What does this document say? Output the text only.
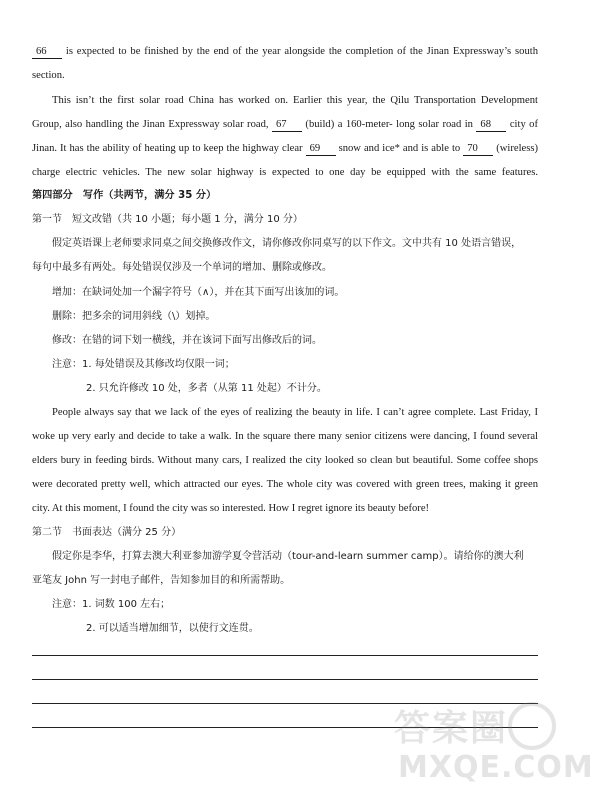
66 is expected to be finished by the end of the year alongside the completion of the Jinan Expressway’s south
section.
This isn’t the first solar road China has worked on. Earlier this year, the Qilu Transportation Development
Group, also handling the Jinan Expressway solar road, 67 (build) a 160-meter- long solar road in 68 city of
Jinan. It has the ability of heating up to keep the highway clear 69 snow and ice* and is able to 70 (wireless)
charge electric vehicles. The new solar highway is expected to one day be equipped with the same features.
第四部分　写作（共两节，满分 35 分）
第一节　短文改错（共 10 小题；每小题 1 分，满分 10 分）
假定英语课上老师要求同桌之间交换修改作文，请你修改你同桌写的以下作文。文中共有 10 处语言错误，
每句中最多有两处。每处错误仅涉及一个单词的增加、删除或修改。
增加：在缺词处加一个漏字符号（∧），并在其下面写出该加的词。
删除：把多余的词用斜线（\）划掉。
修改：在错的词下划一横线，并在该词下面写出修改后的词。
注意：1. 每处错误及其修改均仅限一词；
2. 只允许修改 10 处，多者（从第 11 处起）不计分。
People always say that we lack of the eyes of realizing the beauty in life. I can’t agree complete. Last Friday, I
woke up very early and decide to take a walk. In the square there many senior citizens were dancing, I found several
elders bury in feeding birds. Without many cars, I realized the city looked so clean but beautiful. Some coffee shops
were decorated pretty well, which attracted our eyes. The whole city was covered with green trees, making it green
city. At this moment, I found the city was so interested. How I regret ignore its beauty before!
第二节　书面表达（满分 25 分）
假定你是李华，打算去澳大利亚参加游学夏令营活动（tour-and-learn summer camp）。请给你的澳大利
亚笔友 John 写一封电子邮件，告知参加目的和所需帮助。
注意：1. 词数 100 左右；
2. 可以适当增加细节，以使行文连贯。
答案圈
MXQE.COM
